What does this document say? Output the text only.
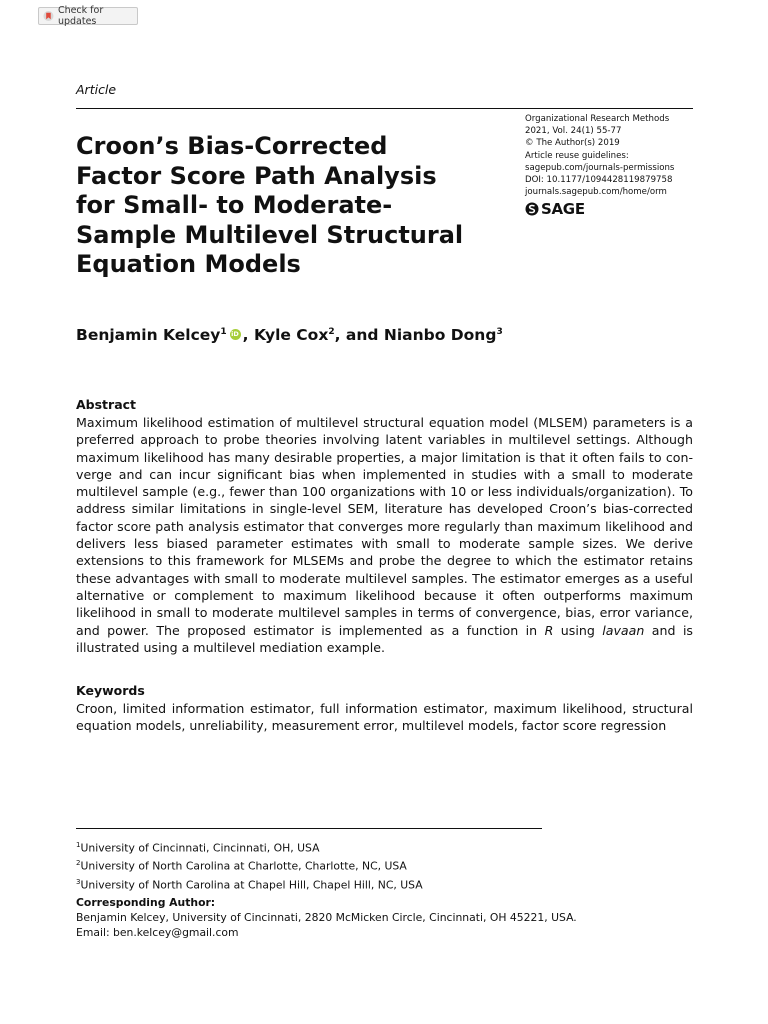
Check for updates
Article
Croon’s Bias-Corrected
Factor Score Path Analysis
for Small- to Moderate-
Sample Multilevel Structural
Equation Models
Organizational Research Methods
2021, Vol. 24(1) 55-77
© The Author(s) 2019
Article reuse guidelines:
sagepub.com/journals-permissions
DOI: 10.1177/1094428119879758
journals.sagepub.com/home/orm
SAGE
Benjamin Kelcey$^1$iD , Kyle Cox$^2$, and Nianbo Dong$^3$
Abstract

Maximum likelihood estimation of multilevel structural equation model (MLSEM) parameters is a preferred approach to probe theories involving latent variables in multilevel settings. Although maximum likelihood has many desirable properties, a major limitation is that it often fails to converge and can incur significant bias when implemented in studies with a small to moderate multilevel sample (e.g., fewer than 100 organizations with 10 or less individuals/organization). To address similar limitations in single-level SEM, literature has developed Croon’s bias-corrected factor score path analysis estimator that converges more regularly than maximum likelihood and delivers less biased parameter estimates with small to moderate sample sizes. We derive extensions to this framework for MLSEMs and probe the degree to which the estimator retains these advantages with small to moderate multilevel samples. The estimator emerges as a useful alternative or complement to maximum likelihood because it often outperforms maximum likelihood in small to moderate multilevel samples in terms of convergence, bias, error variance, and power. The proposed estimator is implemented as a function in R using lavaan and is illustrated using a multilevel mediation example.

Keywords

Croon, limited information estimator, full information estimator, maximum likelihood, structural equation models, unreliability, measurement error, multilevel models, factor score regression

$^1$University of Cincinnati, Cincinnati, OH, USA
$^2$University of North Carolina at Charlotte, Charlotte, NC, USA
$^3$University of North Carolina at Chapel Hill, Chapel Hill, NC, USA
Corresponding Author:
Benjamin Kelcey, University of Cincinnati, 2820 McMicken Circle, Cincinnati, OH 45221, USA.
Email: ben.kelcey@gmail.com
